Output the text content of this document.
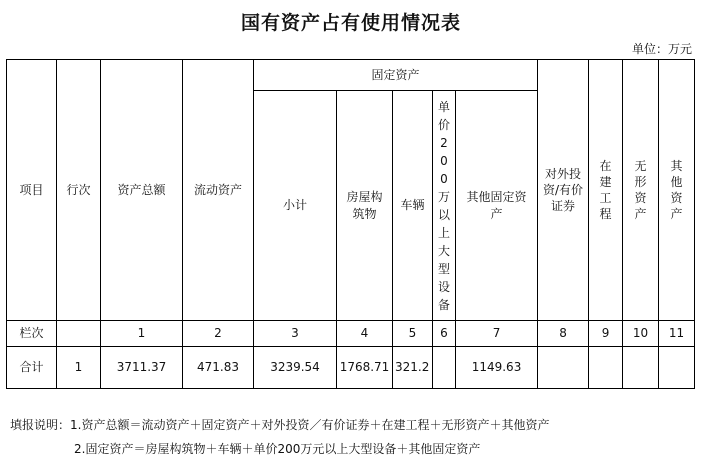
国有资产占有使用情况表
单位：万元
项目	行次	资产总额	流动资产	固定资产					对外投资/有价证券	在建工程	无形资产	其他资产
				小计	房屋构筑物	车辆	单价200万以上大型设备	其他固定资产				
栏次		1	2	3	4	5	6	7	8	9	10	11
合计	1	3711.37	471.83	3239.54	1768.71	321.2		1149.63				
填报说明：1.资产总额＝流动资产＋固定资产＋对外投资／有价证券＋在建工程＋无形资产＋其他资产
2.固定资产＝房屋构筑物＋车辆＋单价200万元以上大型设备＋其他固定资产
